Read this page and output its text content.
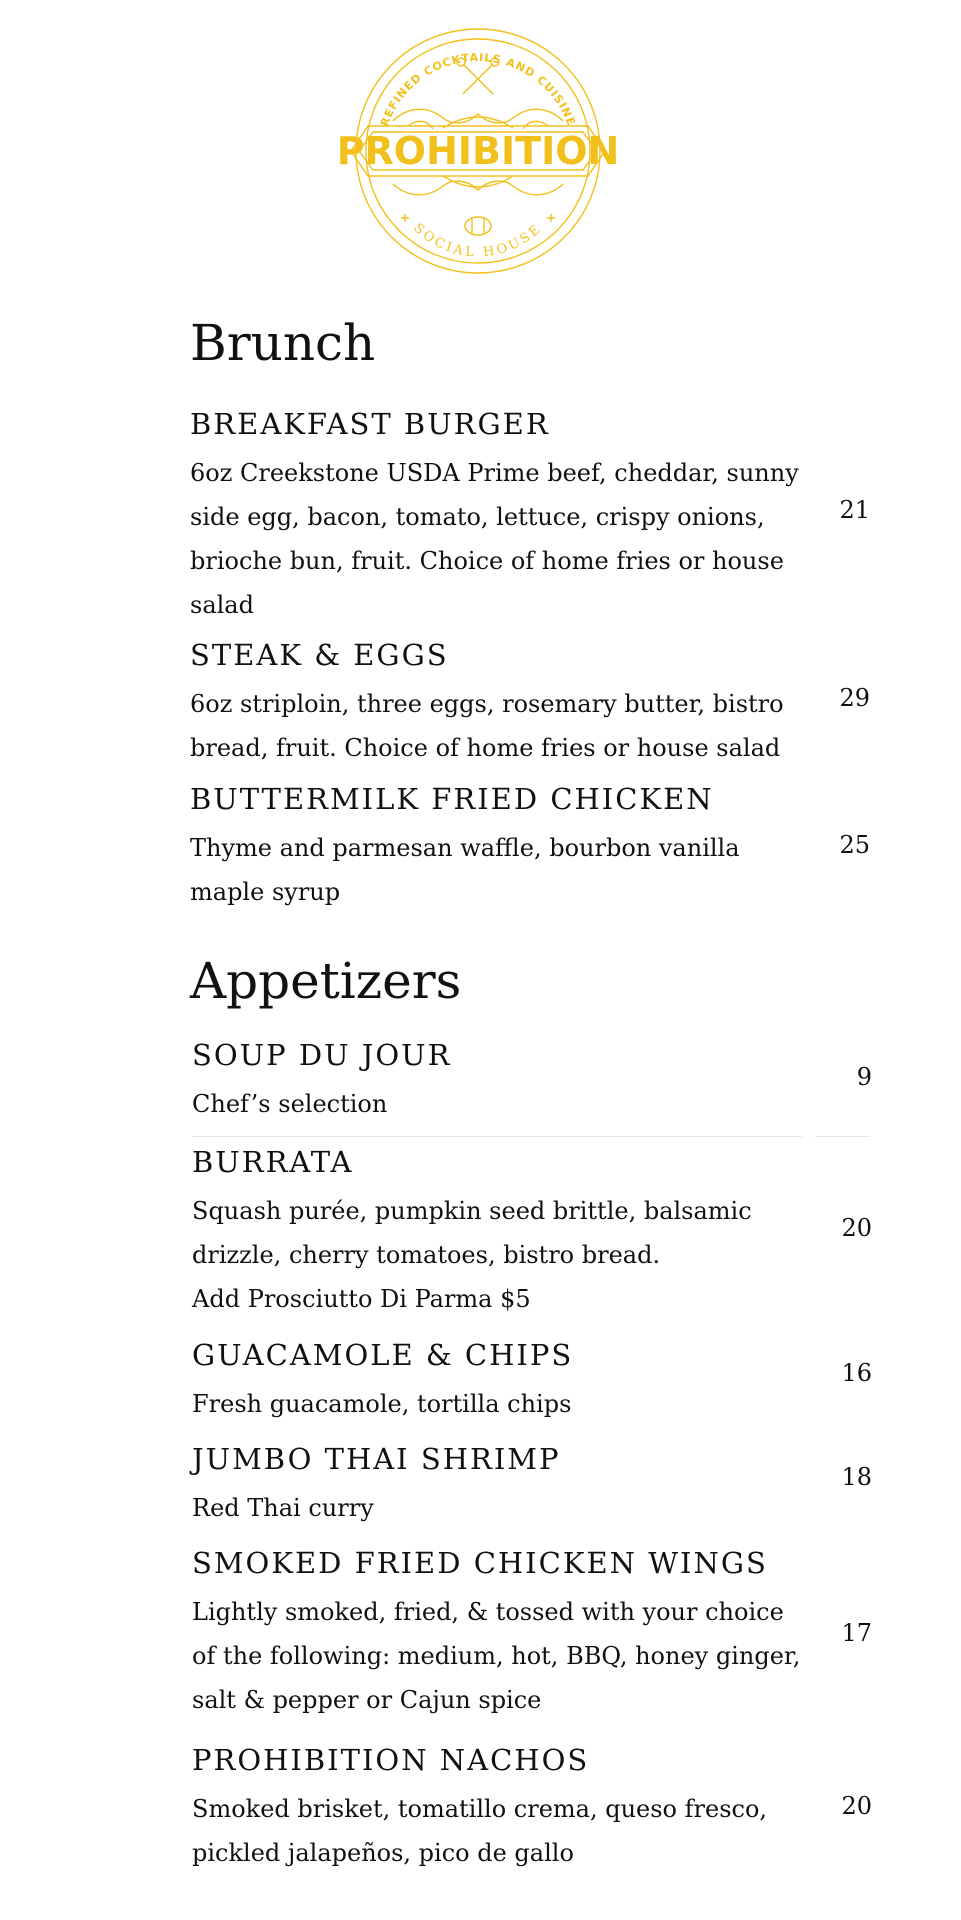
REFINED COCKTAILS AND CUISINE
PROHIBITION
SOCIAL HOUSE
Brunch
BREAKFAST BURGER
6oz Creekstone USDA Prime beef, cheddar, sunny side egg, bacon, tomato, lettuce, crispy onions, brioche bun, fruit. Choice of home fries or house salad
21
STEAK & EGGS
6oz striploin, three eggs, rosemary butter, bistro bread, fruit. Choice of home fries or house salad
29
BUTTERMILK FRIED CHICKEN
Thyme and parmesan waffle, bourbon vanilla maple syrup
25
Appetizers
SOUP DU JOUR
Chef’s selection
9
BURRATA
Squash purée, pumpkin seed brittle, balsamic drizzle, cherry tomatoes, bistro bread.
Add Prosciutto Di Parma $5
20
GUACAMOLE & CHIPS
Fresh guacamole, tortilla chips
16
JUMBO THAI SHRIMP
Red Thai curry
18
SMOKED FRIED CHICKEN WINGS
Lightly smoked, fried, & tossed with your choice of the following: medium, hot, BBQ, honey ginger, salt & pepper or Cajun spice
17
PROHIBITION NACHOS
Smoked brisket, tomatillo crema, queso fresco, pickled jalapeños, pico de gallo
20
